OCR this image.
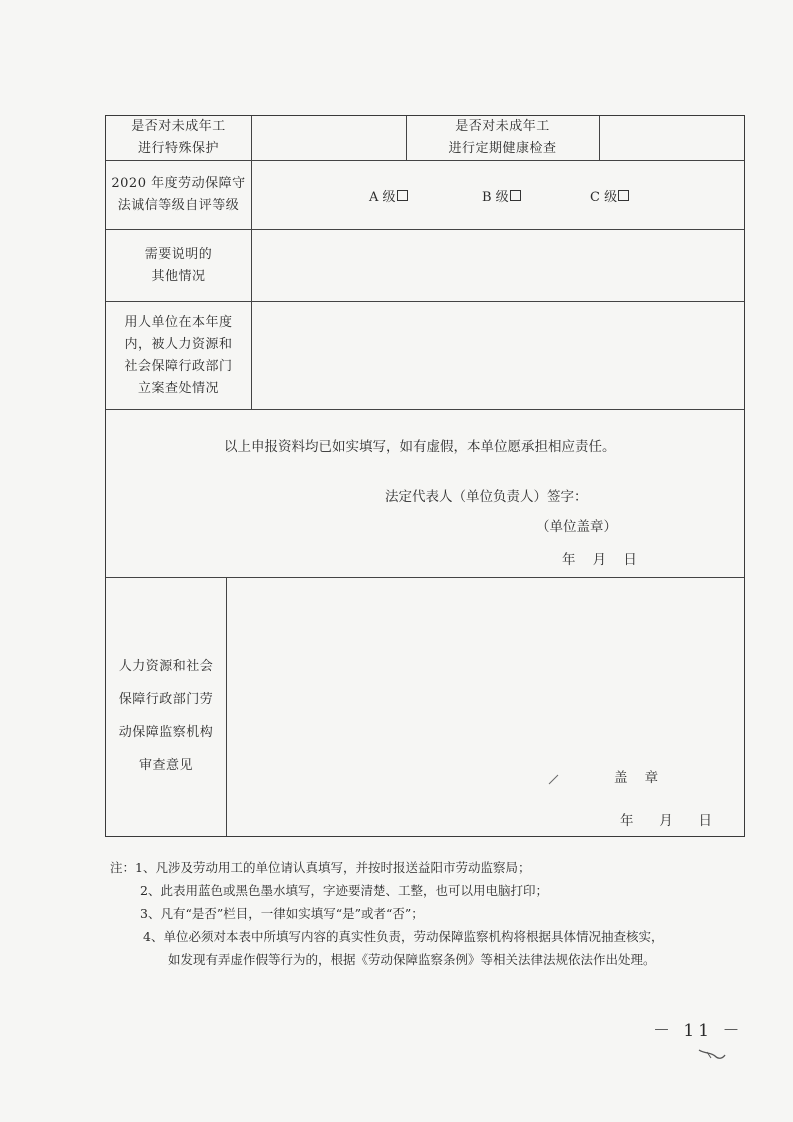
是否对未成年工
进行特殊保护
是否对未成年工
进行定期健康检查
2020 年度劳动保障守
法诚信等级自评等级
A 级	B 级	C 级
需要说明的
其他情况
用人单位在本年度
内，被人力资源和
社会保障行政部门
立案查处情况
以上申报资料均已如实填写，如有虚假，本单位愿承担相应责任。
法定代表人（单位负责人）签字：
（单位盖章）
年    月    日
人力资源和社会
保障行政部门劳
动保障监察机构
审查意见
盖    章
年      月      日
注：1、凡涉及劳动用工的单位请认真填写，并按时报送益阳市劳动监察局；
2、此表用蓝色或黑色墨水填写，字迹要清楚、工整，也可以用电脑打印；
3、凡有“是否”栏目，一律如实填写“是”或者“否”；
4、单位必须对本表中所填写内容的真实性负责，劳动保障监察机构将根据具体情况抽查核实，
如发现有弄虚作假等行为的，根据《劳动保障监察条例》等相关法律法规依法作出处理。
－ 11 －
